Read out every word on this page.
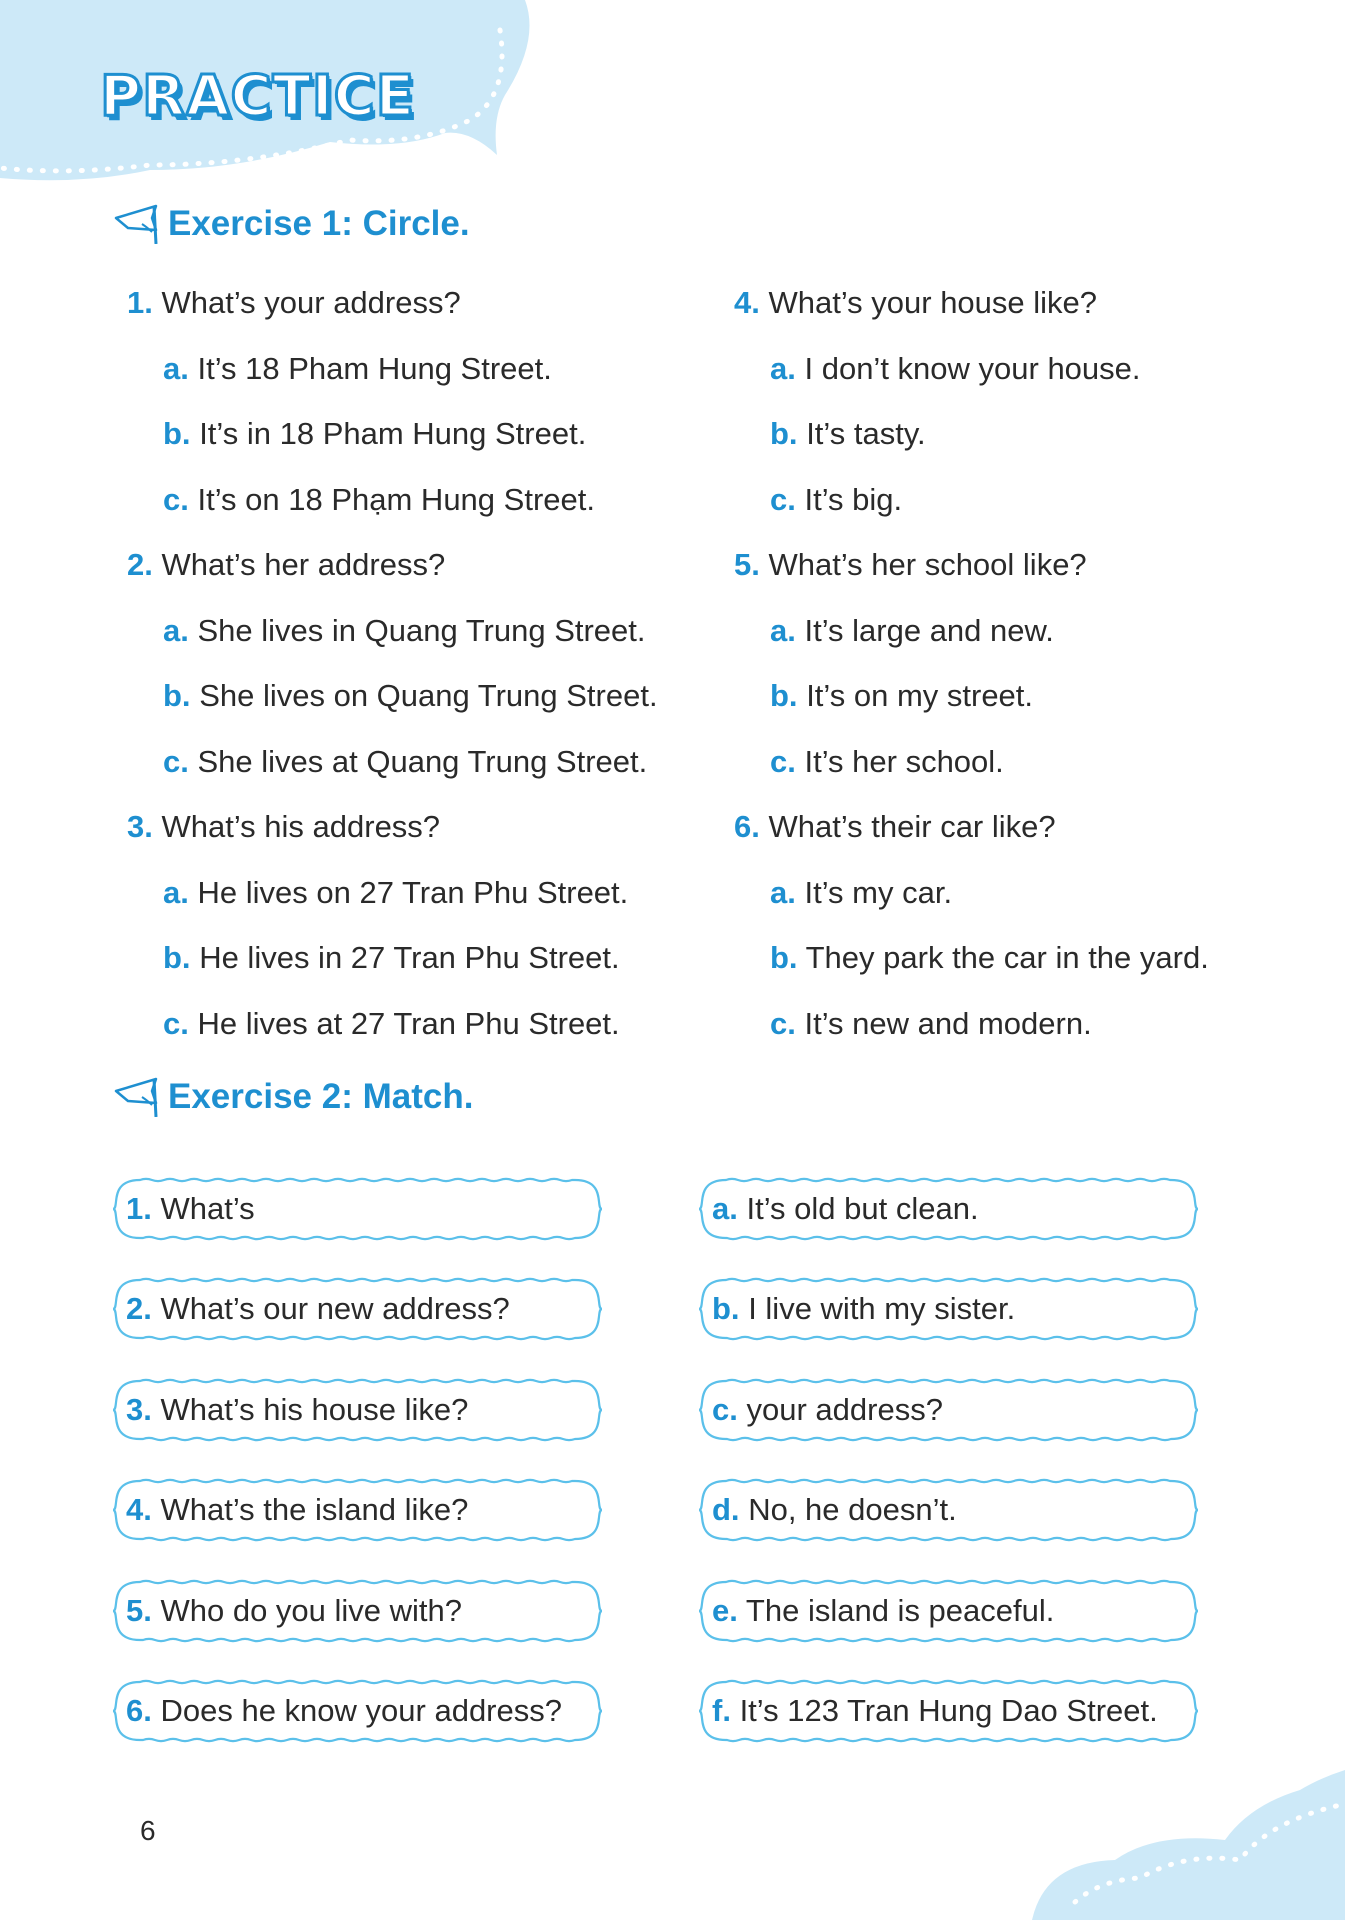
PRACTICE
Exercise 1: Circle.
1. What’s your address?
a. It’s 18 Pham Hung Street.
b. It’s in 18 Pham Hung Street.
c. It’s on 18 Phạm Hung Street.
2. What’s her address?
a. She lives in Quang Trung Street.
b. She lives on Quang Trung Street.
c. She lives at Quang Trung Street.
3. What’s his address?
a. He lives on 27 Tran Phu Street.
b. He lives in 27 Tran Phu Street.
c. He lives at 27 Tran Phu Street.
4. What’s your house like?
a. I don’t know your house.
b. It’s tasty.
c. It’s big.
5. What’s her school like?
a. It’s large and new.
b. It’s on my street.
c. It’s her school.
6. What’s their car like?
a. It’s my car.
b. They park the car in the yard.
c. It’s new and modern.
Exercise 2: Match.
1. What’s
2. What’s our new address?
3. What’s his house like?
4. What’s the island like?
5. Who do you live with?
6. Does he know your address?
a. It’s old but clean.
b. I live with my sister.
c. your address?
d. No, he doesn’t.
e. The island is peaceful.
f. It’s 123 Tran Hung Dao Street.
6
